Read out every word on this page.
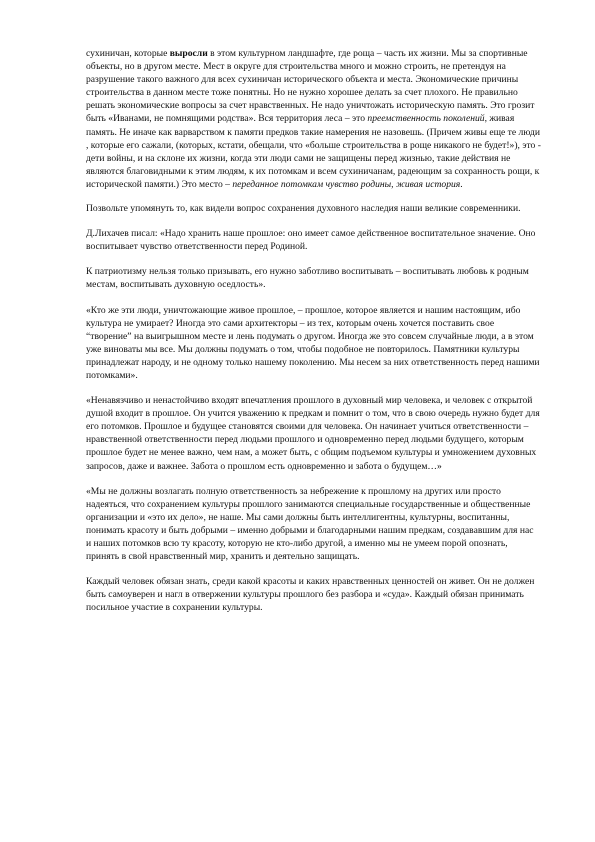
сухиничан, которые выросли в этом культурном ландшафте, где роща – часть их жизни. Мы за спортивные объекты, но в другом месте. Мест в округе для строительства много и можно строить, не претендуя на разрушение такого важного для всех сухиничан исторического объекта и места. Экономические причины строительства в данном месте тоже понятны. Но не нужно хорошее делать за счет плохого. Не правильно решать экономические вопросы за счет нравственных. Не надо уничтожать историческую память. Это грозит быть «Иванами, не помнящими родства». Вся территория леса – это преемственность поколений, живая память. Не иначе как варварством к памяти предков такие намерения не назовешь. (Причем живы еще те люди , которые его сажали, (которых, кстати, обещали, что «больше строительства в роще никакого не будет!»), это - дети войны, и на склоне их жизни, когда эти люди сами не защищены перед жизнью, такие действия не являются благовидными к этим людям, к их потомкам и всем сухиничанам, радеющим за сохранность рощи, к исторической памяти.) Это место – переданное потомкам чувство родины, живая история.

Позвольте упомянуть то, как видели вопрос сохранения духовного наследия наши великие современники.

Д.Лихачев писал: «Надо хранить наше прошлое: оно имеет самое действенное воспитательное значение. Оно воспитывает чувство ответственности перед Родиной.

К патриотизму нельзя только призывать, его нужно заботливо воспитывать – воспитывать любовь к родным местам, воспитывать духовную оседлость».

«Кто же эти люди, уничтожающие живое прошлое, – прошлое, которое является и нашим настоящим, ибо культура не умирает? Иногда это сами архитекторы – из тех, которым очень хочется поставить свое “творение” на выигрышном месте и лень подумать о другом. Иногда же это совсем случайные люди, а в этом уже виноваты мы все. Мы должны подумать о том, чтобы подобное не повторилось. Памятники культуры принадлежат народу, и не одному только нашему поколению. Мы несем за них ответственность перед нашими потомками».

«Ненавязчиво и ненастойчиво входят впечатления прошлого в духовный мир человека, и человек с открытой душой входит в прошлое. Он учится уважению к предкам и помнит о том, что в свою очередь нужно будет для его потомков. Прошлое и будущее становятся своими для человека. Он начинает учиться ответственности – нравственной ответственности перед людьми прошлого и одновременно перед людьми будущего, которым прошлое будет не менее важно, чем нам, а может быть, с общим подъемом культуры и умножением духовных запросов, даже и важнее. Забота о прошлом есть одновременно и забота о будущем…»

«Мы не должны возлагать полную ответственность за небрежение к прошлому на других или просто надеяться, что сохранением культуры прошлого занимаются специальные государственные и общественные организации и «это их дело», не наше. Мы сами должны быть интеллигентны, культурны, воспитанны, понимать красоту и быть добрыми – именно добрыми и благодарными нашим предкам, создававшим для нас и наших потомков всю ту красоту, которую не кто-либо другой, а именно мы не умеем порой опознать, принять в свой нравственный мир, хранить и деятельно защищать.

Каждый человек обязан знать, среди какой красоты и каких нравственных ценностей он живет. Он не должен быть самоуверен и нагл в отвержении культуры прошлого без разбора и «суда». Каждый обязан принимать посильное участие в сохранении культуры.
